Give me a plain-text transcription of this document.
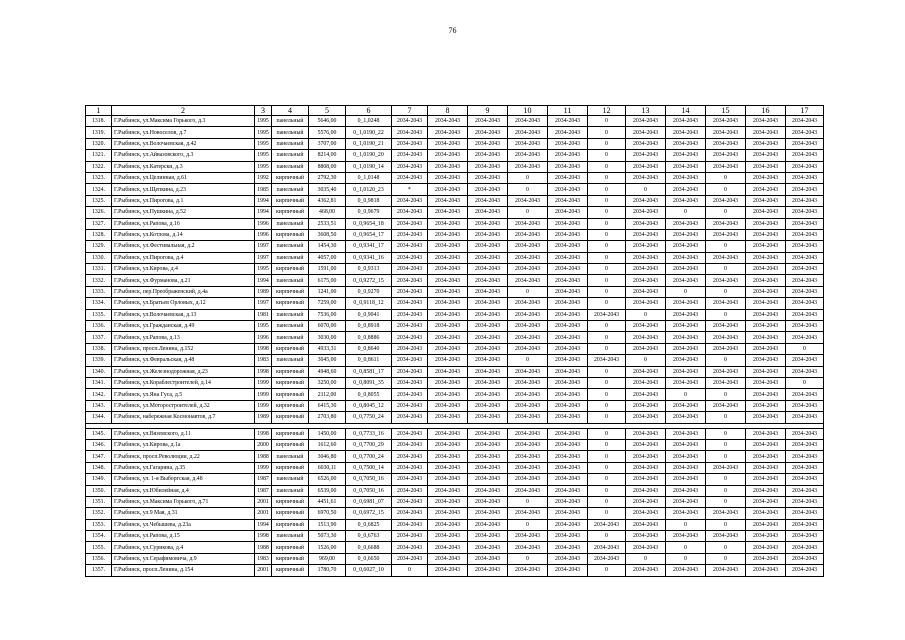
76
1	2	3	4	5	6	7	8	9	10	11	12	13	14	15	16	17
1318.	Г.Рыбинск, ул.Максима Горького, д.3	1995	панельный	5646,00	0_1,0248	2034-2043	2034-2043	2034-2043	2034-2043	2034-2043	0	2034-2043	2034-2043	2034-2043	2034-2043	2034-2043
1319.	Г.Рыбинск, ул.Новоселов, д.7	1995	панельный	5576,00	0_1,0190_22	2034-2043	2034-2043	2034-2043	2034-2043	2034-2043	0	2034-2043	2034-2043	2034-2043	2034-2043	2034-2043
1320.	Г.Рыбинск, ул.Волочаевская, д.42	1995	панельный	3707,00	0_1,0190_21	2034-2043	2034-2043	2034-2043	2034-2043	2034-2043	0	2034-2043	2034-2043	2034-2043	2034-2043	2034-2043
1321.	Г.Рыбинск, ул.Айвазовского, д.3	1995	панельный	8214,00	0_1,0190_20	2034-2043	2034-2043	2034-2043	2034-2043	2034-2043	0	2034-2043	2034-2043	2034-2043	2034-2043	2034-2043
1322.	Г.Рыбинск, ул.Катерски, д.3	1995	панельный	8808,00	0_1,0190_14	2034-2043	2034-2043	2034-2043	2034-2043	2034-2043	0	2034-2043	2034-2043	2034-2043	2034-2043	2034-2043
1323.	Г.Рыбинск, ул.Целинная, д.61	1992	кирпичный	2792,30	0_1,0148	2034-2043	2034-2043	2034-2043	0	2034-2043	0	2034-2043	2034-2043	0	2034-2043	2034-2043
1324.	Г.Рыбинск, ул.Щепкина, д.23	1985	панельный	3035,40	0_1,0120_23	*	2034-2043	2034-2043	0	2034-2043	0	0	2034-2043	0	2034-2043	2034-2043
1325.	Г.Рыбинск, ул.Пирогова, д.1	1994	кирпичный	4362,81	0_0,9818	2034-2043	2034-2043	2034-2043	2034-2043	2034-2043	0	2034-2043	2034-2043	2034-2043	2034-2043	2034-2043
1326.	Г.Рыбинск, ул.Пушкина, д.52	1994	кирпичный	468,00	0_0,9679	2034-2043	2034-2043	2034-2043	0	2034-2043	0	2034-2043	0	0	2034-2043	2034-2043
1327.	Г.Рыбинск, ул.Рапова, д.16	1996	панельный	2533,51	0_0,9654_18	2034-2043	2034-2043	2034-2043	2034-2043	2034-2043	0	2034-2043	2034-2043	2034-2043	2034-2043	2034-2043
1328.	Г.Рыбинск, ул.Котлова, д.14	1996	кирпичный	3608,50	0_0,9654_17	2034-2043	2034-2043	2034-2043	2034-2043	2034-2043	0	2034-2043	2034-2043	2034-2043	2034-2043	2034-2043
1329.	Г.Рыбинск, ул.Фестивальная, д.2	1997	панельный	1454,30	0_0,9341_17	2034-2043	2034-2043	2034-2043	2034-2043	2034-2043	0	2034-2043	2034-2043	0	2034-2043	2034-2043
1330.	Г.Рыбинск, ул.Пирогова, д.4	1997	панельный	4057,00	0_0,9341_16	2034-2043	2034-2043	2034-2043	2034-2043	2034-2043	0	2034-2043	2034-2043	2034-2043	2034-2043	2034-2043
1331.	Г.Рыбинск, ул.Кирова, д.4	1995	кирпичный	1591,00	0_0,9313	2034-2043	2034-2043	2034-2043	2034-2043	2034-2043	0	2034-2043	2034-2043	0	2034-2043	2034-2043
1332.	Г.Рыбинск, ул.Фурманова, д.21	1994	панельный	6175,00	0_0,9272_15	2034-2043	2034-2043	2034-2043	2034-2043	2034-2043	0	2034-2043	2034-2043	2034-2043	2034-2043	2034-2043
1333.	Г.Рыбинск, пер.Преображенский, д.4а	1989	кирпичный	1241,00	0_0,9270	2034-2043	2034-2043	2034-2043	0	2034-2043	0	2034-2043	0	0	2034-2043	2034-2043
1334.	Г.Рыбинск, ул.Братьев Орловых, д.12	1997	кирпичный	7259,00	0_0,9118_12	2034-2043	2034-2043	2034-2043	2034-2043	2034-2043	0	2034-2043	2034-2043	2034-2043	2034-2043	2034-2043
1335.	Г.Рыбинск, ул.Волочаевская, д.13	1981	панельный	7536,00	0_0,9041	2034-2043	2034-2043	2034-2043	2034-2043	2034-2043	2034-2043	0	2034-2043	0	2034-2043	2034-2043
1336.	Г.Рыбинск, ул.Гражданская, д.49	1995	панельный	6070,00	0_0,8918	2034-2043	2034-2043	2034-2043	2034-2043	2034-2043	0	2034-2043	2034-2043	2034-2043	2034-2043	2034-2043
1337.	Г.Рыбинск, ул.Рапова, д.13	1996	панельный	3030,00	0_0,8886	2034-2043	2034-2043	2034-2043	2034-2043	2034-2043	0	2034-2043	2034-2043	2034-2043	2034-2043	2034-2043
1338.	Г.Рыбинск, просп.Ленина, д.152	1998	кирпичный	4933,31	0_0,8640	2034-2043	2034-2043	2034-2043	2034-2043	2034-2043	0	2034-2043	2034-2043	2034-2043	2034-2043	0
1339.	Г.Рыбинск, ул.Февральская, д.48	1983	панельный	3045,00	0_0,8611	2034-2043	2034-2043	2034-2043	0	2034-2043	2034-2043	0	2034-2043	0	2034-2043	2034-2043
1340.	Г.Рыбинск, ул.Железнодорожная, д.23	1998	кирпичный	4948,60	0_0,8581_17	2034-2043	2034-2043	2034-2043	2034-2043	2034-2043	0	2034-2043	2034-2043	2034-2043	2034-2043	2034-2043
1341.	Г.Рыбинск, ул.Кораблестроителей, д.14	1999	кирпичный	3250,00	0_0,8091_35	2034-2043	2034-2043	2034-2043	2034-2043	2034-2043	0	2034-2043	2034-2043	2034-2043	2034-2043	0
1342.	Г.Рыбинск, ул.Яна Гуса, д.5	1999	кирпичный	2112,00	0_0,8055	2034-2043	2034-2043	2034-2043	2034-2043	2034-2043	0	2034-2043	0	0	2034-2043	2034-2043
1343.	Г.Рыбинск, ул.Моторостроителей, д.32	1999	кирпичный	6415,30	0_0,8045_12	2034-2043	2034-2043	2034-2043	2034-2043	2034-2043	0	2034-2043	2034-2043	2034-2043	2034-2043	2034-2043
1344.	Г.Рыбинск, набережная Космонавтов, д.7	1989	кирпичный	2703,80	0_0,7750_24	2034-2043	2034-2043	2034-2043	2034-2043	2034-2043	0	2034-2043	2034-2043	0	2034-2043	2034-2043

1345.	Г.Рыбинск, ул.Вяземского, д.11	1998	кирпичный	1450,00	0_0,7733_16	2034-2043	2034-2043	2034-2043	2034-2043	2034-2043	0	2034-2043	2034-2043	0	2034-2043	2034-2043
1346.	Г.Рыбинск, ул.Кирова, д.1а	2000	кирпичный	1612,60	0_0,7700_29	2034-2043	2034-2043	2034-2043	2034-2043	2034-2043	0	2034-2043	2034-2043	0	2034-2043	2034-2043
1347.	Г.Рыбинск, просп.Революции, д.22	1988	панельный	3046,80	0_0,7700_24	2034-2043	2034-2043	2034-2043	2034-2043	2034-2043	0	2034-2043	2034-2043	0	2034-2043	2034-2043
1348.	Г.Рыбинск, ул.Гагарина, д.35	1999	кирпичный	6030,11	0_0,7500_14	2034-2043	2034-2043	2034-2043	2034-2043	2034-2043	0	2034-2043	2034-2043	2034-2043	2034-2043	2034-2043
1349.	Г.Рыбинск, ул. 1-я Выборгская, д.48	1987	панельный	6526,00	0_0,7050_16	2034-2043	2034-2043	2034-2043	2034-2043	2034-2043	0	2034-2043	2034-2043	0	2034-2043	2034-2043
1350.	Г.Рыбинск, ул.Юбилейная, д.4	1987	панельный	6539,00	0_0,7050_16	2034-2043	2034-2043	2034-2043	2034-2043	2034-2043	0	2034-2043	2034-2043	0	2034-2043	2034-2043
1351.	Г.Рыбинск, ул.Максима Горького, д.71	2001	кирпичный	4451,61	0_0,6981_07	2034-2043	2034-2043	2034-2043	0	2034-2043	0	2034-2043	2034-2043	0	2034-2043	2034-2043
1352.	Г.Рыбинск, ул.9 Мая, д.31	2001	кирпичный	6970,50	0_0,6972_15	2034-2043	2034-2043	2034-2043	2034-2043	2034-2043	0	2034-2043	2034-2043	2034-2043	2034-2043	2034-2043
1353.	Г.Рыбинск, ул.Чебышева, д.23а	1994	кирпичный	1513,90	0_0,6825	2034-2043	2034-2043	2034-2043	0	2034-2043	2034-2043	2034-2043	0	0	2034-2043	2034-2043
1354.	Г.Рыбинск, ул.Рапова, д.15	1998	панельный	5073,30	0_0,6763	2034-2043	2034-2043	2034-2043	2034-2043	2034-2043	0	2034-2043	2034-2043	2034-2043	2034-2043	2034-2043
1355.	Г.Рыбинск, ул.Сурикова, д.4	1988	кирпичный	1526,00	0_0,6688	2034-2043	2034-2043	2034-2043	2034-2043	2034-2043	2034-2043	2034-2043	0	0	2034-2043	2034-2043
1356.	Г.Рыбинск, ул.Серафимовича, д.9	1983	кирпичный	969,00	0_0,6650	2034-2043	2034-2043	2034-2043	0	2034-2043	2034-2043	0	0	0	2034-2043	2034-2043
1357.	Г.Рыбинск, просп.Ленина, д.154	2001	кирпичный	1780,70	0_0,6027_10	0	2034-2043	2034-2043	2034-2043	2034-2043	0	2034-2043	2034-2043	2034-2043	2034-2043	2034-2043
